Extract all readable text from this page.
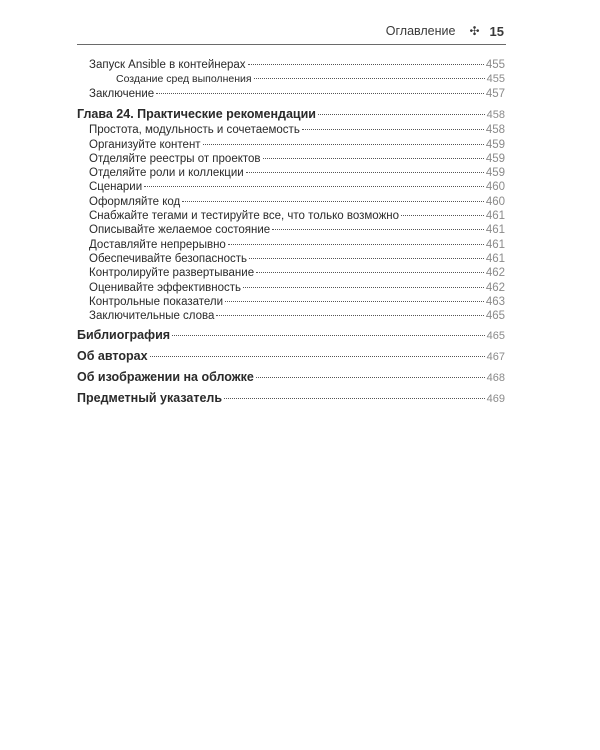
Оглавление ✣ 15
Запуск Ansible в контейнерах	455
Создание сред выполнения	455
Заключение	457
Глава 24. Практические рекомендации	458
Простота, модульность и сочетаемость	458
Организуйте контент	459
Отделяйте реестры от проектов	459
Отделяйте роли и коллекции	459
Сценарии	460
Оформляйте код	460
Снабжайте тегами и тестируйте все, что только возможно	461
Описывайте желаемое состояние	461
Доставляйте непрерывно	461
Обеспечивайте безопасность	461
Контролируйте развертывание	462
Оценивайте эффективность	462
Контрольные показатели	463
Заключительные слова	465
Библиография	465
Об авторах	467
Об изображении на обложке	468
Предметный указатель	469
